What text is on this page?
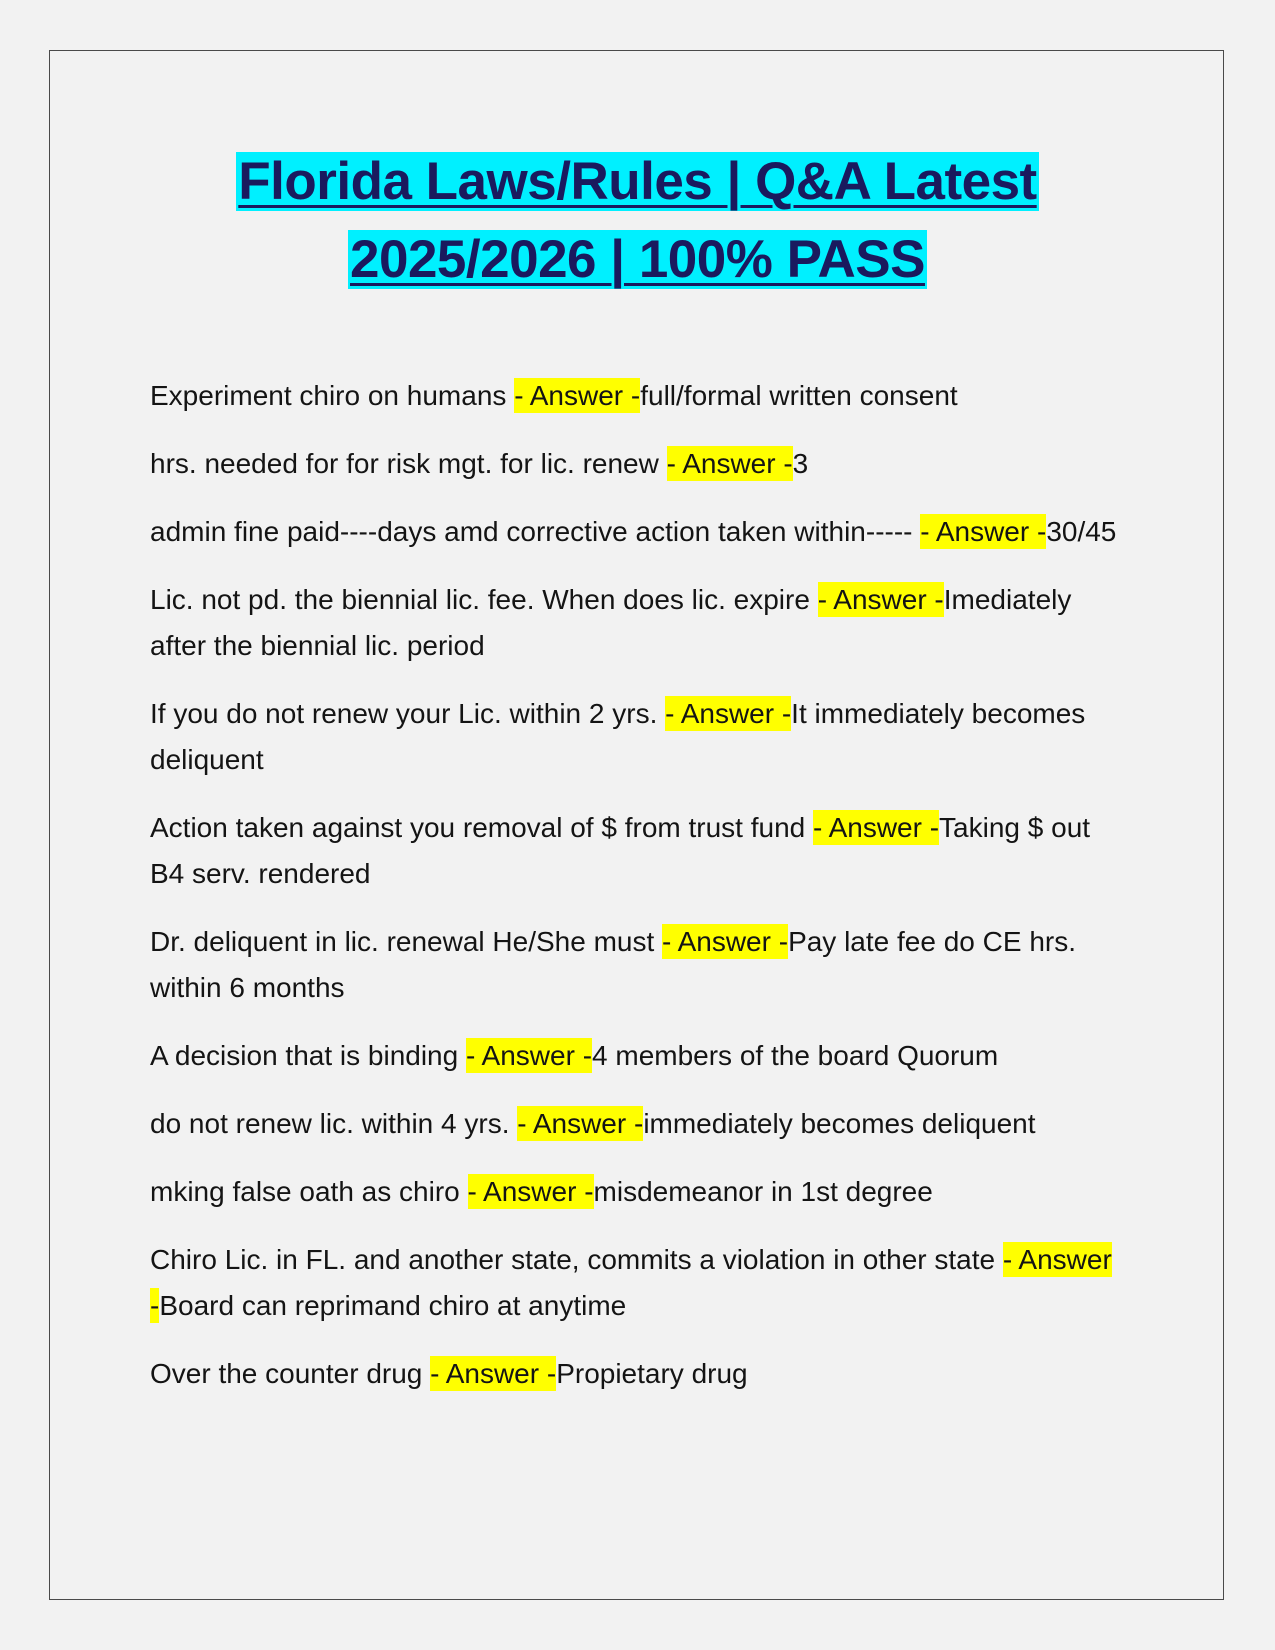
Florida Laws/Rules | Q&A Latest
2025/2026 | 100% PASS

Experiment chiro on humans - Answer -full/formal written consent

hrs. needed for for risk mgt. for lic. renew - Answer -3

admin fine paid----days amd corrective action taken within----- - Answer -30/45

Lic. not pd. the biennial lic. fee. When does lic. expire - Answer -Imediately after the biennial lic. period

If you do not renew your Lic. within 2 yrs. - Answer -It immediately becomes deliquent

Action taken against you removal of $ from trust fund - Answer -Taking $ out B4 serv. rendered

Dr. deliquent in lic. renewal He/She must - Answer -Pay late fee do CE hrs. within 6 months

A decision that is binding - Answer -4 members of the board Quorum

do not renew lic. within 4 yrs. - Answer -immediately becomes deliquent

mking false oath as chiro - Answer -misdemeanor in 1st degree

Chiro Lic. in FL. and another state, commits a violation in other state - Answer -Board can reprimand chiro at anytime

Over the counter drug - Answer -Propietary drug
